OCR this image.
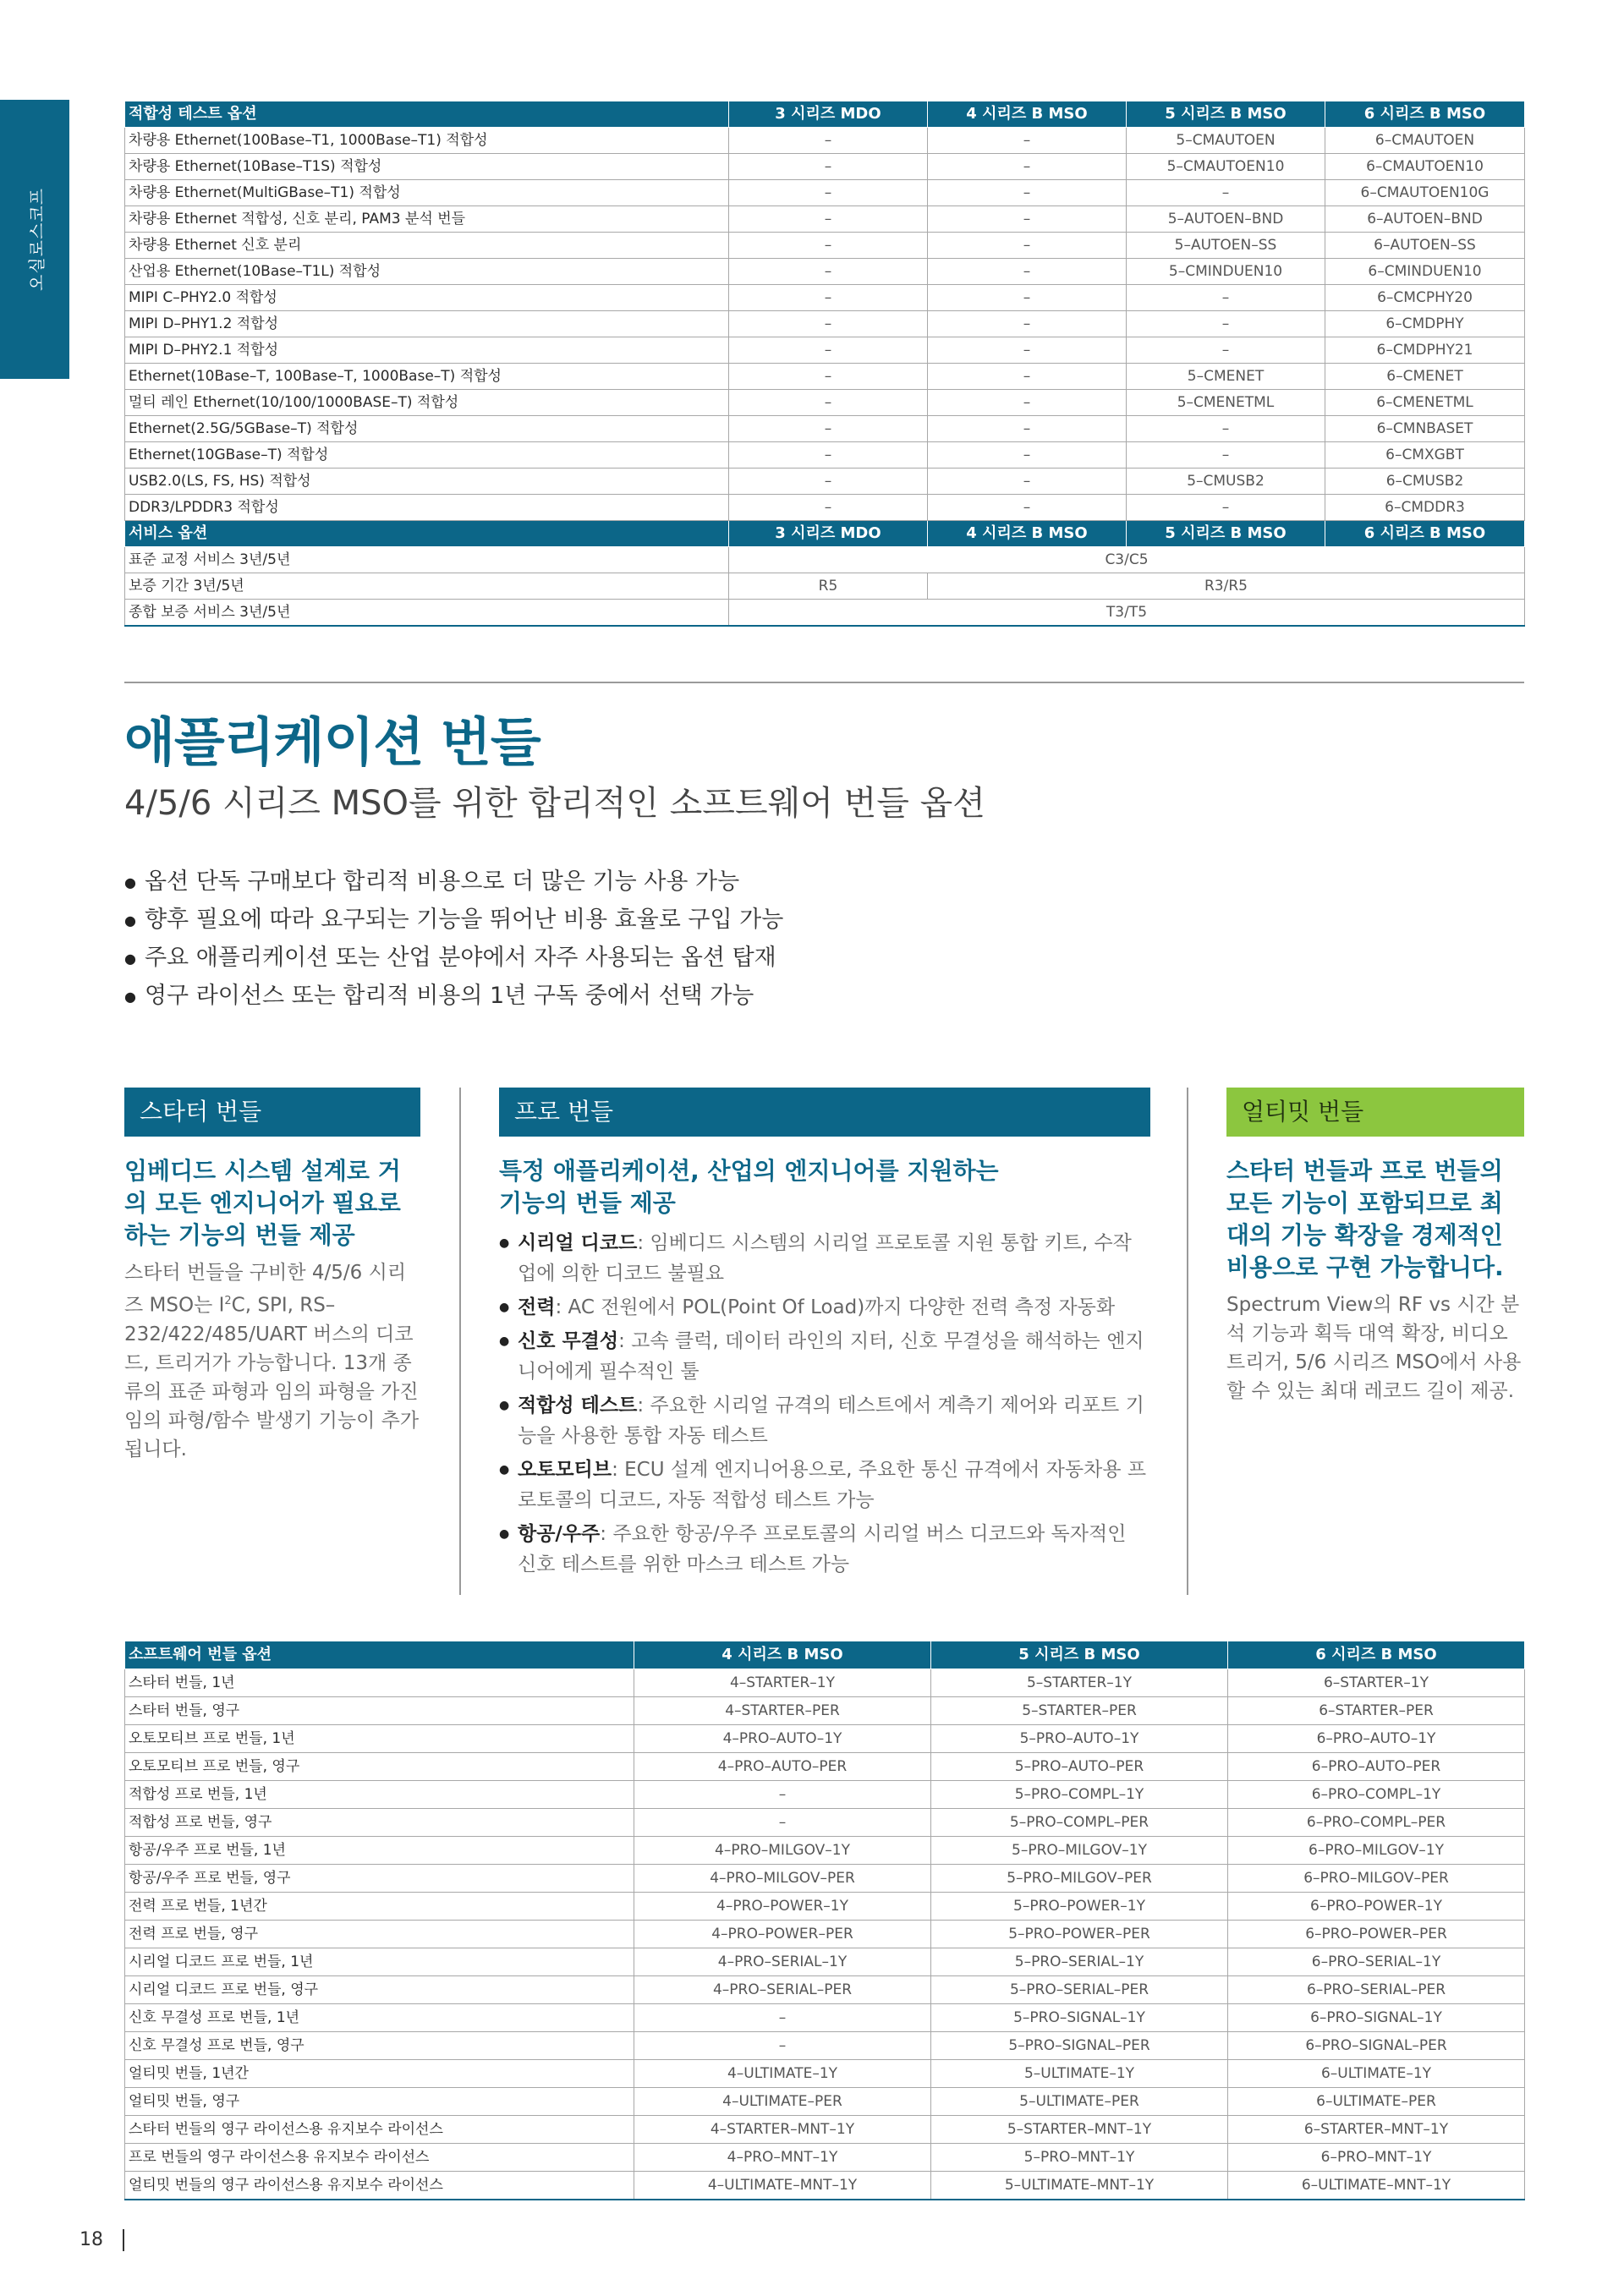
오실로스코프
적합성 테스트 옵션	3 시리즈 MDO	4 시리즈 B MSO	5 시리즈 B MSO	6 시리즈 B MSO
차량용 Ethernet(100Base–T1, 1000Base–T1) 적합성	–	–	5–CMAUTOEN	6–CMAUTOEN
차량용 Ethernet(10Base–T1S) 적합성	–	–	5–CMAUTOEN10	6–CMAUTOEN10
차량용 Ethernet(MultiGBase–T1) 적합성	–	–	–	6–CMAUTOEN10G
차량용 Ethernet 적합성, 신호 분리, PAM3 분석 번들	–	–	5–AUTOEN–BND	6–AUTOEN–BND
차량용 Ethernet 신호 분리	–	–	5–AUTOEN–SS	6–AUTOEN–SS
산업용 Ethernet(10Base–T1L) 적합성	–	–	5–CMINDUEN10	6–CMINDUEN10
MIPI C–PHY2.0 적합성	–	–	–	6–CMCPHY20
MIPI D–PHY1.2 적합성	–	–	–	6–CMDPHY
MIPI D–PHY2.1 적합성	–	–	–	6–CMDPHY21
Ethernet(10Base–T, 100Base–T, 1000Base–T) 적합성	–	–	5–CMENET	6–CMENET
멀티 레인 Ethernet(10/100/1000BASE–T) 적합성	–	–	5–CMENETML	6–CMENETML
Ethernet(2.5G/5GBase–T) 적합성	–	–	–	6–CMNBASET
Ethernet(10GBase–T) 적합성	–	–	–	6–CMXGBT
USB2.0(LS, FS, HS) 적합성	–	–	5–CMUSB2	6–CMUSB2
DDR3/LPDDR3 적합성	–	–	–	6–CMDDR3
서비스 옵션	3 시리즈 MDO	4 시리즈 B MSO	5 시리즈 B MSO	6 시리즈 B MSO
표준 교정 서비스 3년/5년	C3/C5			
보증 기간 3년/5년	R5	R3/R5		
종합 보증 서비스 3년/5년	T3/T5			
애플리케이션 번들
4/5/6 시리즈 MSO를 위한 합리적인 소프트웨어 번들 옵션
● 옵션 단독 구매보다 합리적 비용으로 더 많은 기능 사용 가능
● 향후 필요에 따라 요구되는 기능을 뛰어난 비용 효율로 구입 가능
● 주요 애플리케이션 또는 산업 분야에서 자주 사용되는 옵션 탑재
● 영구 라이선스 또는 합리적 비용의 1년 구독 중에서 선택 가능
스타터 번들
임베디드 시스템 설계로 거의 모든 엔지니어가 필요로 하는 기능의 번들 제공
스타터 번들을 구비한 4/5/6 시리즈 MSO는 $I^2C$, SPI, RS–232/422/485/UART 버스의 디코드, 트리거가 가능합니다. 13개 종류의 표준 파형과 임의 파형을 가진 임의 파형/함수 발생기 기능이 추가됩니다.
프로 번들
특정 애플리케이션, 산업의 엔지니어를 지원하는 기능의 번들 제공
● 시리얼 디코드: 임베디드 시스템의 시리얼 프로토콜 지원 통합 키트, 수작업에 의한 디코드 불필요
● 전력: AC 전원에서 POL(Point Of Load)까지 다양한 전력 측정 자동화
● 신호 무결성: 고속 클럭, 데이터 라인의 지터, 신호 무결성을 해석하는 엔지니어에게 필수적인 툴
● 적합성 테스트: 주요한 시리얼 규격의 테스트에서 계측기 제어와 리포트 기능을 사용한 통합 자동 테스트
● 오토모티브: ECU 설계 엔지니어용으로, 주요한 통신 규격에서 자동차용 프로토콜의 디코드, 자동 적합성 테스트 가능
● 항공/우주: 주요한 항공/우주 프로토콜의 시리얼 버스 디코드와 독자적인 신호 테스트를 위한 마스크 테스트 가능
얼티밋 번들
스타터 번들과 프로 번들의 모든 기능이 포함되므로 최대의 기능 확장을 경제적인 비용으로 구현 가능합니다.
Spectrum View의 RF vs 시간 분석 기능과 획득 대역 확장, 비디오 트리거, 5/6 시리즈 MSO에서 사용할 수 있는 최대 레코드 길이 제공.
소프트웨어 번들 옵션	4 시리즈 B MSO	5 시리즈 B MSO	6 시리즈 B MSO
스타터 번들, 1년	4–STARTER–1Y	5–STARTER–1Y	6–STARTER–1Y
스타터 번들, 영구	4–STARTER–PER	5–STARTER–PER	6–STARTER–PER
오토모티브 프로 번들, 1년	4–PRO–AUTO–1Y	5–PRO–AUTO–1Y	6–PRO–AUTO–1Y
오토모티브 프로 번들, 영구	4–PRO–AUTO–PER	5–PRO–AUTO–PER	6–PRO–AUTO–PER
적합성 프로 번들, 1년	–	5–PRO–COMPL–1Y	6–PRO–COMPL–1Y
적합성 프로 번들, 영구	–	5–PRO–COMPL–PER	6–PRO–COMPL–PER
항공/우주 프로 번들, 1년	4–PRO–MILGOV–1Y	5–PRO–MILGOV–1Y	6–PRO–MILGOV–1Y
항공/우주 프로 번들, 영구	4–PRO–MILGOV–PER	5–PRO–MILGOV–PER	6–PRO–MILGOV–PER
전력 프로 번들, 1년간	4–PRO–POWER–1Y	5–PRO–POWER–1Y	6–PRO–POWER–1Y
전력 프로 번들, 영구	4–PRO–POWER–PER	5–PRO–POWER–PER	6–PRO–POWER–PER
시리얼 디코드 프로 번들, 1년	4–PRO–SERIAL–1Y	5–PRO–SERIAL–1Y	6–PRO–SERIAL–1Y
시리얼 디코드 프로 번들, 영구	4–PRO–SERIAL–PER	5–PRO–SERIAL–PER	6–PRO–SERIAL–PER
신호 무결성 프로 번들, 1년	–	5–PRO–SIGNAL–1Y	6–PRO–SIGNAL–1Y
신호 무결성 프로 번들, 영구	–	5–PRO–SIGNAL–PER	6–PRO–SIGNAL–PER
얼티밋 번들, 1년간	4–ULTIMATE–1Y	5–ULTIMATE–1Y	6–ULTIMATE–1Y
얼티밋 번들, 영구	4–ULTIMATE–PER	5–ULTIMATE–PER	6–ULTIMATE–PER
스타터 번들의 영구 라이선스용 유지보수 라이선스	4–STARTER–MNT–1Y	5–STARTER–MNT–1Y	6–STARTER–MNT–1Y
프로 번들의 영구 라이선스용 유지보수 라이선스	4–PRO–MNT–1Y	5–PRO–MNT–1Y	6–PRO–MNT–1Y
얼티밋 번들의 영구 라이선스용 유지보수 라이선스	4–ULTIMATE–MNT–1Y	5–ULTIMATE–MNT–1Y	6–ULTIMATE–MNT–1Y
18
